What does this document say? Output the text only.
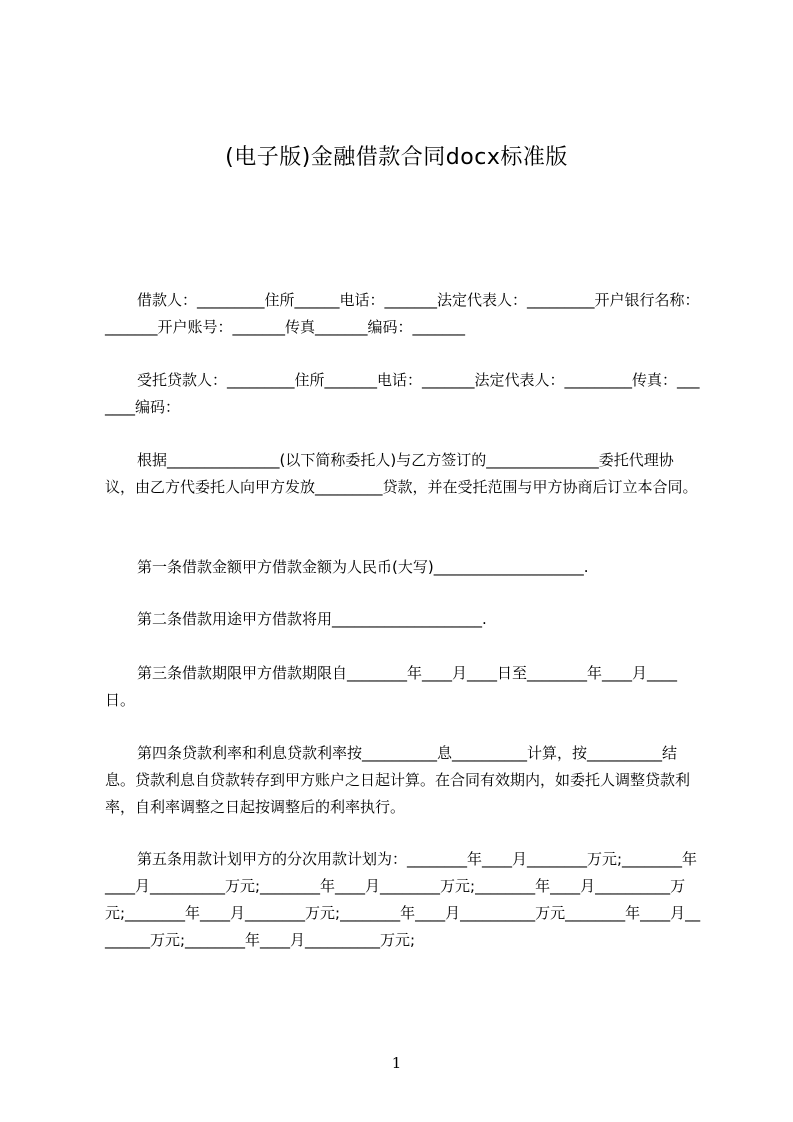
(电子版)金融借款合同docx标准版

借款人：_________住所______电话：_______法定代表人：_________开户银行名称：_______开户账号：_______传真_______编码：_______

受托贷款人：_________住所_______电话：_______法定代表人：_________传真：_______编码：

根据_______________(以下简称委托人)与乙方签订的_______________委托代理协议，由乙方代委托人向甲方发放_________贷款，并在受托范围与甲方协商后订立本合同。

第一条借款金额甲方借款金额为人民币(大写)____________________.

第二条借款用途甲方借款将用____________________.

第三条借款期限甲方借款期限自________年____月____日至________年____月____日。

第四条贷款利率和利息贷款利率按__________息__________计算，按__________结息。贷款利息自贷款转存到甲方账户之日起计算。在合同有效期内，如委托人调整贷款利率，自利率调整之日起按调整后的利率执行。

第五条用款计划甲方的分次用款计划为：________年____月________万元;________年____月__________万元;________年____月________万元;________年____月__________万元;________年____月________万元;________年____月__________万元________年____月________万元;________年____月__________万元;

1
